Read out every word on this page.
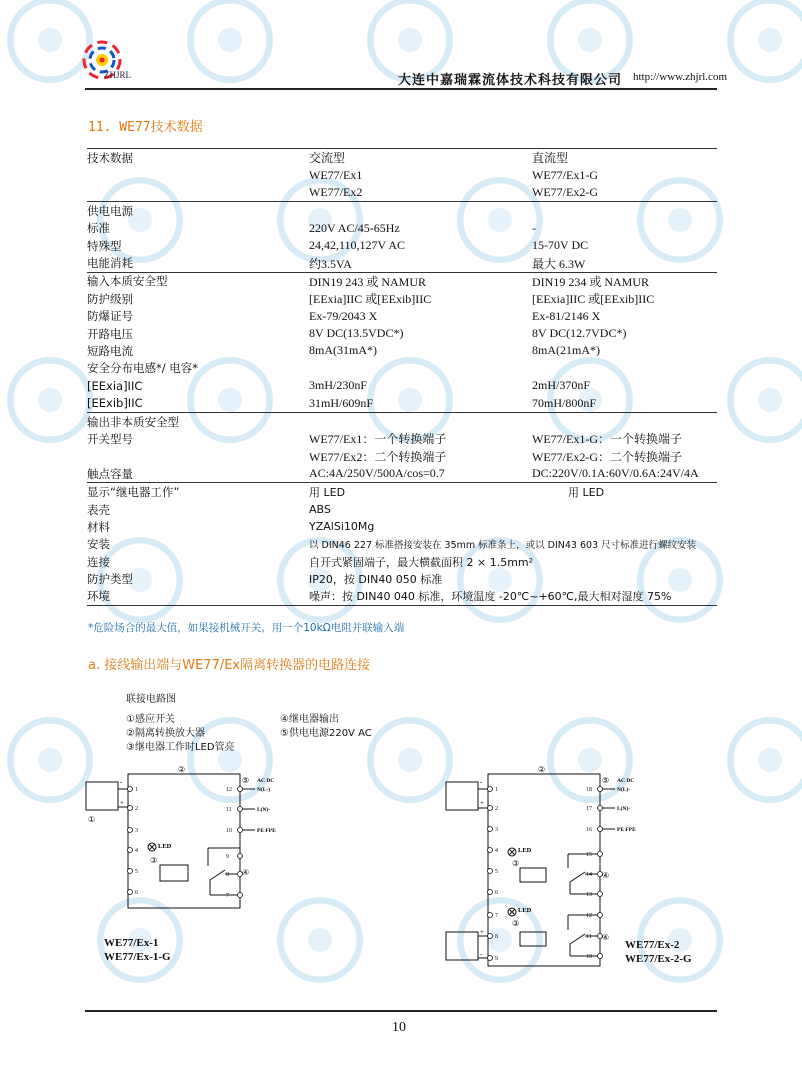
ZHJRL	大连中嘉瑞霖流体技术科技有限公司 http://www.zhjrl.com
11. WE77技术数据
技术数据	交流型	直流型
	WE77/Ex1	WE77/Ex1-G
	WE77/Ex2	WE77/Ex2-G
供电电源		
标准	220V AC/45-65Hz	-
特殊型	24,42,110,127V AC	15-70V DC
电能消耗	约3.5VA	最大 6.3W
输入本质安全型	DIN19 243 或 NAMUR	DIN19 234 或 NAMUR
防护级别	[EExia]IIC 或[EExib]IIC	[EExia]IIC 或[EExib]IIC
防爆证号	Ex-79/2043 X	Ex-81/2146 X
开路电压	8V DC(13.5VDC*)	8V DC(12.7VDC*)
短路电流	8mA(31mA*)	8mA(21mA*)
安全分布电感*/ 电容*		
[EExia]IIC	3mH/230nF	2mH/370nF
[EExib]IIC	31mH/609nF	70mH/800nF
输出非本质安全型		
开关型号	WE77/Ex1：一个转换端子	WE77/Ex1-G：一个转换端子
	WE77/Ex2：二个转换端子	WE77/Ex2-G：二个转换端子
触点容量	AC:4A/250V/500A/cos=0.7	DC:220V/0.1A:60V/0.6A:24V/4A
显示“继电器工作”	用 LED	用 LED
表壳	ABS	
材料	YZAlSi10Mg	
安装	以 DIN46 227 标准搭接安装在 35mm 标准条上，或以 DIN43 603 尺寸标准进行螺纹安装	
连接	自开式紧固端子，最大横截面积 2 × 1.5mm²	
防护类型	IP20，按 DIN40 050 标准	
环境	噪声：按 DIN40 040 标准，环境温度 -20℃~+60℃,最大相对湿度 75%	
*危险场合的最大值，如果接机械开关，用一个10kΩ电阻并联输入端
a. 接线输出端与WE77/Ex隔离转换器的电路连接
联接电路图
①感应开关
②隔离转换放大器
③继电器工作时LED管亮
④继电器输出
⑤供电电源220V AC
1
2
3
4
5
6
12
11
10
9
8
7
-
+
AC DC
N(L-)
L(N)-
PE FPE
LED
①
②
③
④
⑤
WE77/Ex-1
WE77/Ex-1-G
1
2
3
4
5
6
7
8
9
18
17
16
15
14
13
12
11
10
-
+
+
-
AC DC
N(L)-
L(N)-
PE FPE
LED
LED
②
③
③
④
④
⑤
WE77/Ex-2
WE77/Ex-2-G
10
